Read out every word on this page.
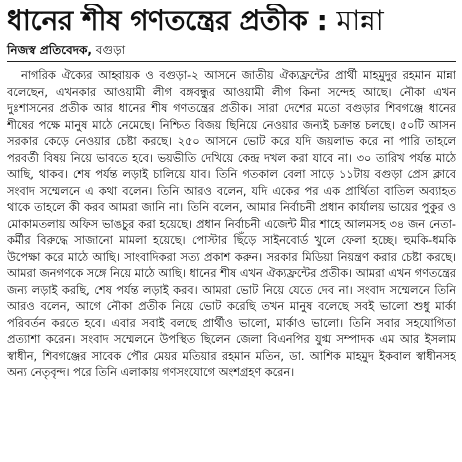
ধানের শীষ গণতন্ত্রের প্রতীক : মান্না
নিজস্ব প্রতিবেদক, বগুড়া

নাগরিক ঐক্যের আহ্বায়ক ও বগুড়া-২ আসনে জাতীয় ঐক্যফ্রন্টের প্রার্থী মাহমুদুর রহমান মান্না বলেছেন, এখনকার আওয়ামী লীগ বঙ্গবন্ধুর আওয়ামী লীগ কিনা সন্দেহ আছে। নৌকা এখন দুঃশাসনের প্রতীক আর ধানের শীষ গণতন্ত্রের প্রতীক। সারা দেশের মতো বগুড়ার শিবগঞ্জে ধানের শীষের পক্ষে মানুষ মাঠে নেমেছে। নিশ্চিত বিজয় ছিনিয়ে নেওয়ার জন্যই চক্রান্ত চলছে। ৫০টি আসন সরকার কেড়ে নেওয়ার চেষ্টা করছে। ২৫০ আসনে ভোট করে যদি জয়লাভ করে না পারি তাহলে পরবর্তী বিষয় নিয়ে ভাবতে হবে। ভয়ভীতি দেখিয়ে কেন্দ্র দখল করা যাবে না। ৩০ তারিখ পর্যন্ত মাঠে আছি, থাকব। শেষ পর্যন্ত লড়াই চালিয়ে যাব। তিনি গতকাল বেলা সাড়ে ১১টায় বগুড়া প্রেস ক্লাবে সংবাদ সম্মেলনে এ কথা বলেন। তিনি আরও বলেন, যদি একের পর এক প্রার্থিতা বাতিল অব্যাহত থাকে তাহলে কী করব আমরা জানি না। তিনি বলেন, আমার নির্বাচনী প্রধান কার্যালয় ভায়ের পুকুর ও মোকামতলায় অফিস ভাঙচুর করা হয়েছে। প্রধান নির্বাচনী এজেন্ট মীর শাহে আলমসহ ৩৪ জন নেতা-কর্মীর বিরুদ্ধে সাজানো মামলা হয়েছে। পোস্টার ছিঁড়ে সাইনবোর্ড খুলে ফেলা হচ্ছে। হুমকি-ধমকি উপেক্ষা করে মাঠে আছি। সাংবাদিকরা সত্য প্রকাশ করুন। সরকার মিডিয়া নিয়ন্ত্রণ করার চেষ্টা করছে। আমরা জনগণকে সঙ্গে নিয়ে মাঠে আছি। ধানের শীষ এখন ঐক্যফ্রন্টের প্রতীক। আমরা এখন গণতন্ত্রের জন্য লড়াই করছি, শেষ পর্যন্ত লড়াই করব। আমরা ভোট নিয়ে যেতে দেব না। সংবাদ সম্মেলনে তিনি আরও বলেন, আগে নৌকা প্রতীক নিয়ে ভোট করেছি তখন মানুষ বলেছে সবই ভালো শুধু মার্কা পরিবর্তন করতে হবে। এবার সবাই বলছে প্রার্থীও ভালো, মার্কাও ভালো। তিনি সবার সহযোগিতা প্রত্যাশা করেন। সংবাদ সম্মেলনে উপস্থিত ছিলেন জেলা বিএনপির যুগ্ম সম্পাদক এম আর ইসলাম স্বাধীন, শিবগঞ্জের সাবেক পৌর মেয়র মতিয়ার রহমান মতিন, ডা. আশিক মাহমুদ ইকবাল স্বাধীনসহ অন্য নেতৃবৃন্দ। পরে তিনি এলাকায় গণসংযোগে অংশগ্রহণ করেন।
